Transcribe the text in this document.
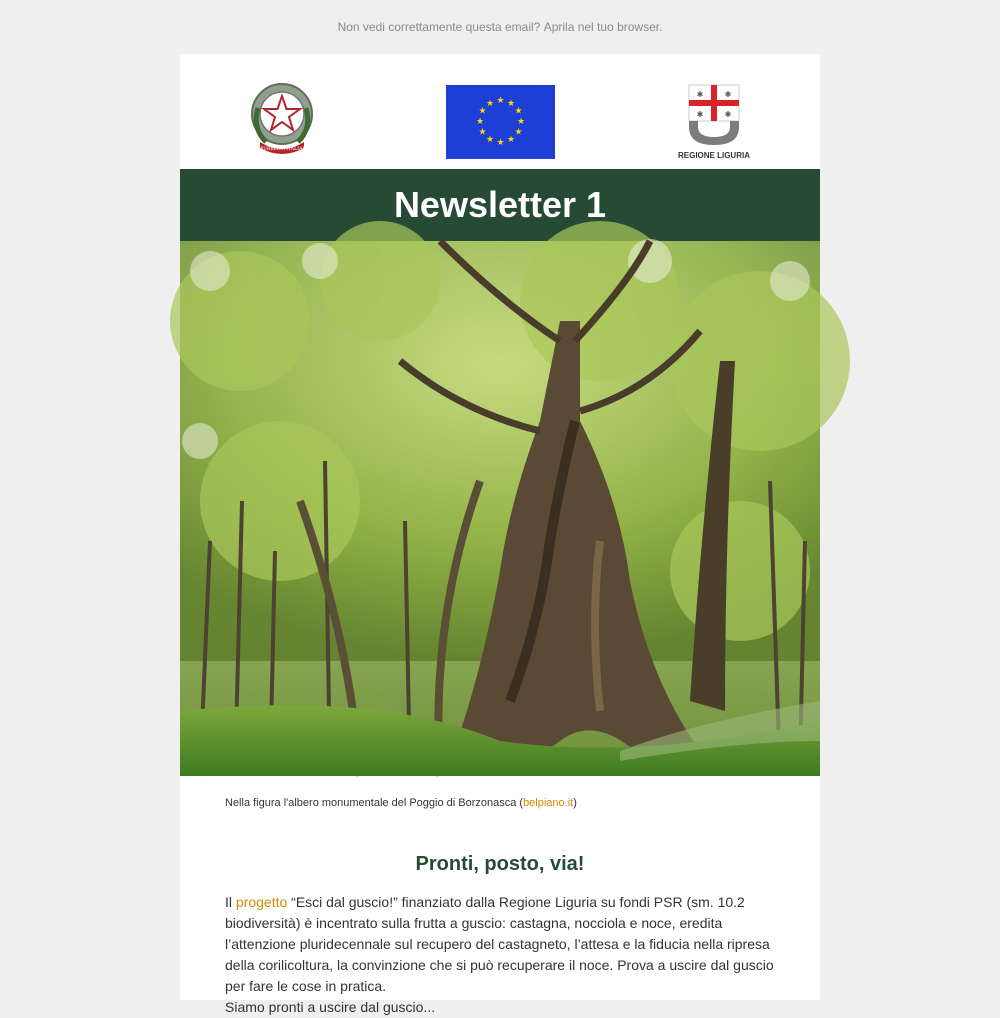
Non vedi correttamente questa email?
Aprila nel tuo browser.
REPUBBLICA ITALIANA
★ ★
★
★
★
★
★
★
★
★
★
★
✱	✱
✱	✱
REGIONE LIGURIA
Newsletter 1
Nella figura l'albero monumentale del Poggio di Borzonasca (belpiano.it)
Pronti, posto, via!
Il progetto “Esci dal guscio!” finanziato dalla Regione Liguria su fondi PSR (sm. 10.2 biodiversità) è incentrato sulla frutta a guscio: castagna, nocciola e noce, eredita l’attenzione pluridecennale sul recupero del castagneto, l’attesa e la fiducia nella ripresa della corilicoltura, la convinzione che si può recuperare il noce. Prova a uscire dal guscio per fare le cose in pratica.
Siamo pronti a uscire dal guscio...
